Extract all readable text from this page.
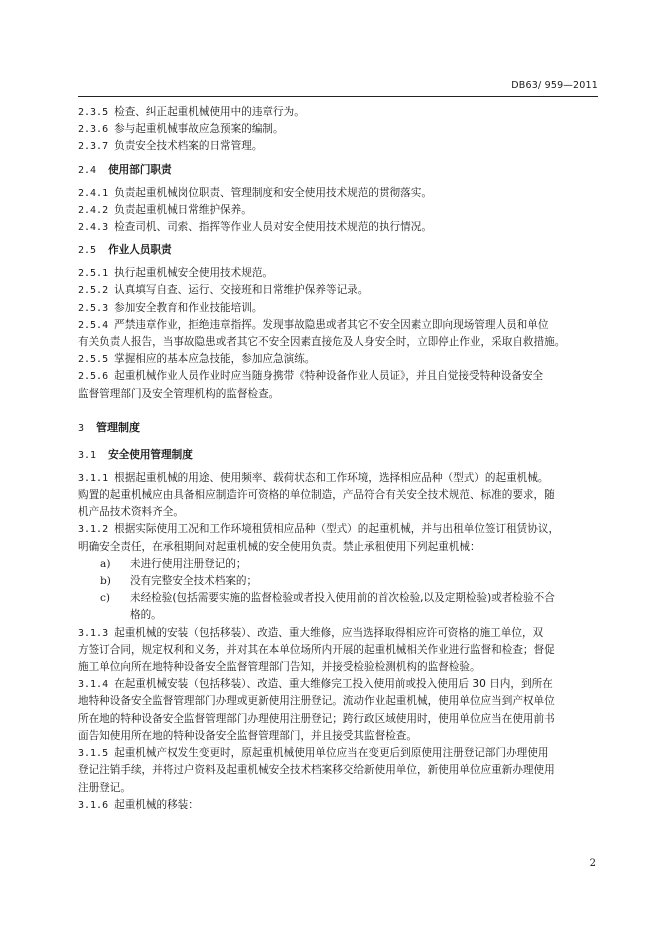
DB63/ 959—2011
2.3.5 检查、纠正起重机械使用中的违章行为。
2.3.6 参与起重机械事故应急预案的编制。
2.3.7 负责安全技术档案的日常管理。
2.4 使用部门职责
2.4.1 负责起重机械岗位职责、管理制度和安全使用技术规范的贯彻落实。
2.4.2 负责起重机械日常维护保养。
2.4.3 检查司机、司索、指挥等作业人员对安全使用技术规范的执行情况。
2.5 作业人员职责
2.5.1 执行起重机械安全使用技术规范。
2.5.2 认真填写自查、运行、交接班和日常维护保养等记录。
2.5.3 参加安全教育和作业技能培训。
2.5.4 严禁违章作业，拒绝违章指挥。发现事故隐患或者其它不安全因素立即向现场管理人员和单位
有关负责人报告，当事故隐患或者其它不安全因素直接危及人身安全时，立即停止作业，采取自救措施。
2.5.5 掌握相应的基本应急技能，参加应急演练。
2.5.6 起重机械作业人员作业时应当随身携带《特种设备作业人员证》，并且自觉接受特种设备安全
监督管理部门及安全管理机构的监督检查。
3 管理制度
3.1 安全使用管理制度
3.1.1 根据起重机械的用途、使用频率、载荷状态和工作环境，选择相应品种（型式）的起重机械。
购置的起重机械应由具备相应制造许可资格的单位制造，产品符合有关安全技术规范、标准的要求，随
机产品技术资料齐全。
3.1.2 根据实际使用工况和工作环境租赁相应品种（型式）的起重机械，并与出租单位签订租赁协议，
明确安全责任，在承租期间对起重机械的安全使用负责。禁止承租使用下列起重机械：
a) 未进行使用注册登记的；
b) 没有完整安全技术档案的；
c) 未经检验(包括需要实施的监督检验或者投入使用前的首次检验,以及定期检验)或者检验不合
格的。
3.1.3 起重机械的安装（包括移装）、改造、重大维修，应当选择取得相应许可资格的施工单位，双
方签订合同，规定权利和义务，并对其在本单位场所内开展的起重机械相关作业进行监督和检查；督促
施工单位向所在地特种设备安全监督管理部门告知，并接受检验检测机构的监督检验。
3.1.4 在起重机械安装（包括移装）、改造、重大维修完工投入使用前或投入使用后 30 日内，到所在
地特种设备安全监督管理部门办理或更新使用注册登记。流动作业起重机械，使用单位应当到产权单位
所在地的特种设备安全监督管理部门办理使用注册登记；跨行政区域使用时，使用单位应当在使用前书
面告知使用所在地的特种设备安全监督管理部门，并且接受其监督检查。
3.1.5 起重机械产权发生变更时，原起重机械使用单位应当在变更后到原使用注册登记部门办理使用
登记注销手续，并将过户资料及起重机械安全技术档案移交给新使用单位，新使用单位应重新办理使用
注册登记。
3.1.6 起重机械的移装：
2
